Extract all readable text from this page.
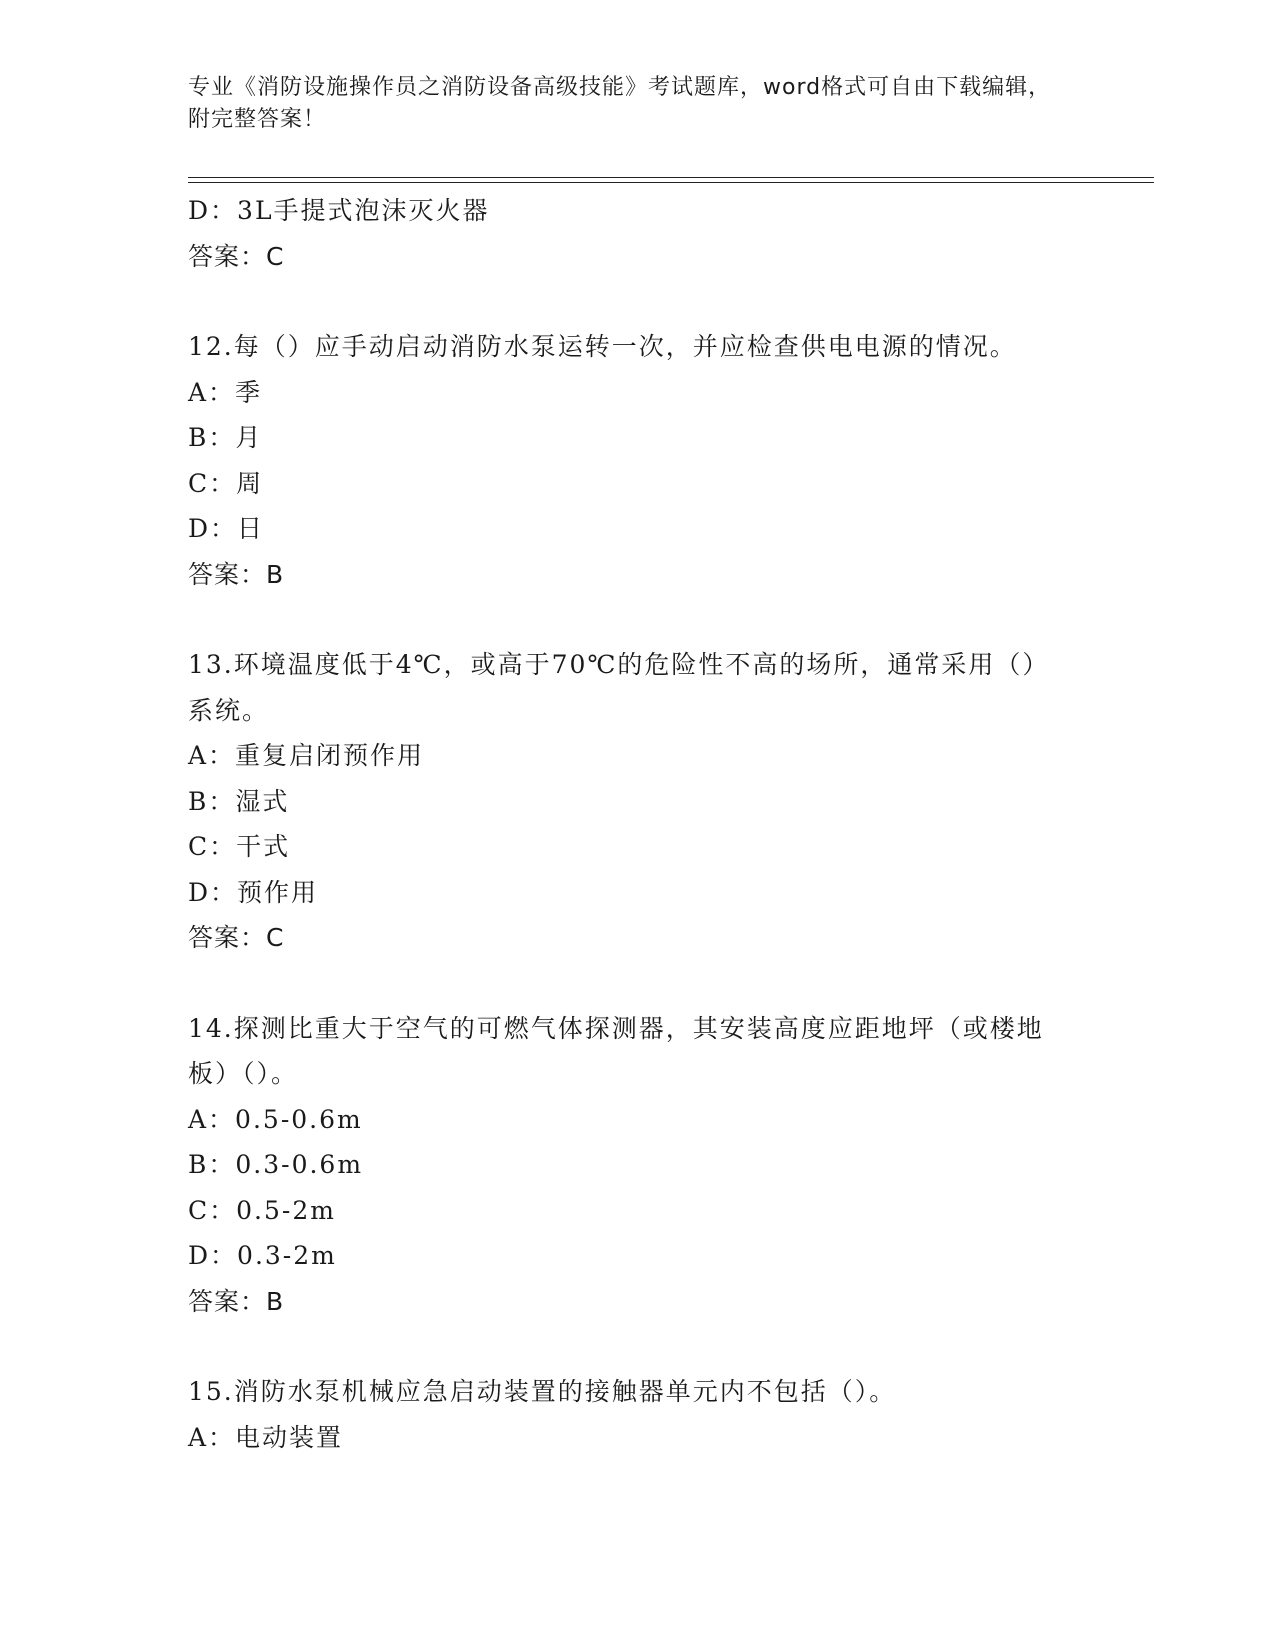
专业《消防设施操作员之消防设备高级技能》考试题库，word格式可自由下载编辑，附完整答案！
D：3L手提式泡沫灭火器
答案：C
12.每（）应手动启动消防水泵运转一次，并应检查供电电源的情况。
A：季
B：月
C：周
D：日
答案：B
13.环境温度低于4℃，或高于70℃的危险性不高的场所，通常采用（）系统。
A：重复启闭预作用
B：湿式
C：干式
D：预作用
答案：C
14.探测比重大于空气的可燃气体探测器，其安装高度应距地坪（或楼地板）（）。
A：0.5-0.6m
B：0.3-0.6m
C：0.5-2m
D：0.3-2m
答案：B
15.消防水泵机械应急启动装置的接触器单元内不包括（）。
A：电动装置
